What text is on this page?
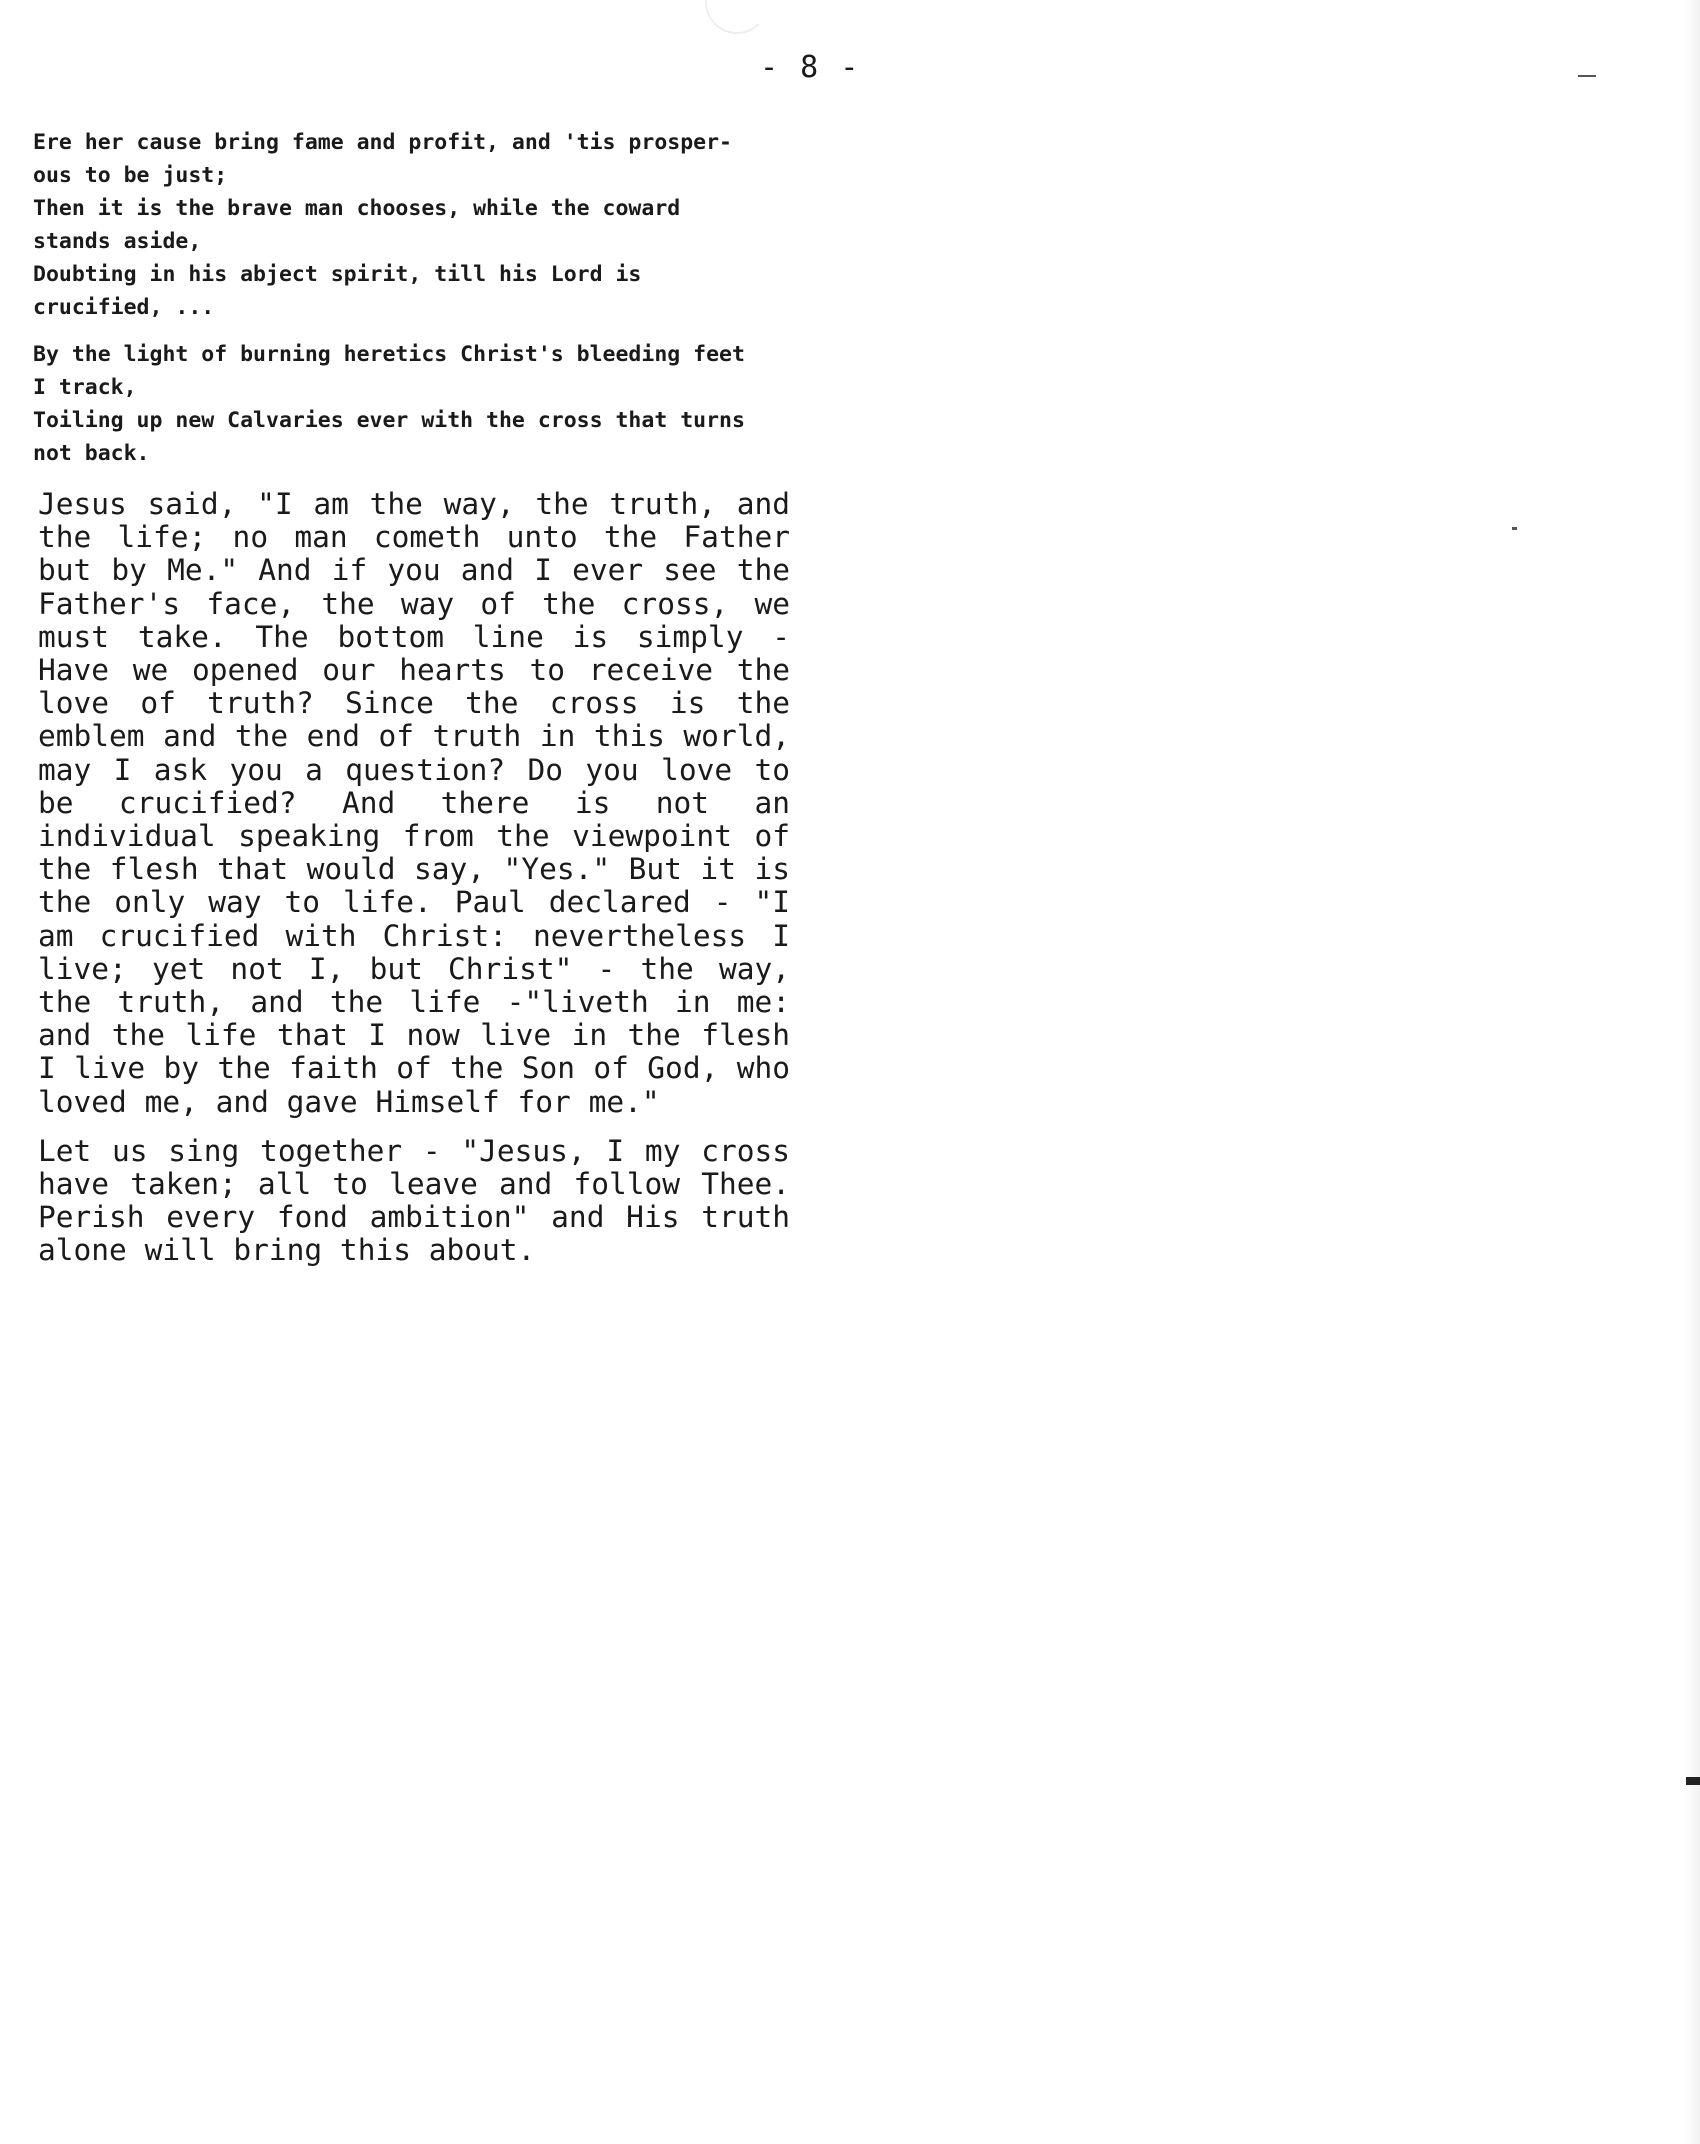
- 8 -

Ere her cause bring fame and profit, and 'tis prosper-
ous to be just;
Then it is the brave man chooses, while the coward
stands aside,
Doubting in his abject spirit, till his Lord is
crucified, ...

By the light of burning heretics Christ's bleeding feet
I track,
Toiling up new Calvaries ever with the cross that turns
not back.

Jesus said, "I am the way, the truth, and the life; no man cometh unto the Father but by Me." And if you and I ever see the Father's face, the way of the cross, we must take. The bottom line is simply - Have we opened our hearts to receive the love of truth? Since the cross is the emblem and the end of truth in this world, may I ask you a question? Do you love to be crucified? And there is not an individual speaking from the viewpoint of the flesh that would say, "Yes." But it is the only way to life. Paul declared - "I am crucified with Christ: nevertheless I live; yet not I, but Christ" - the way, the truth, and the life -"liveth in me: and the life that I now live in the flesh I live by the faith of the Son of God, who loved me, and gave Himself for me."

Let us sing together - "Jesus, I my cross have taken; all to leave and follow Thee. Perish every fond ambition" and His truth alone will bring this about.
